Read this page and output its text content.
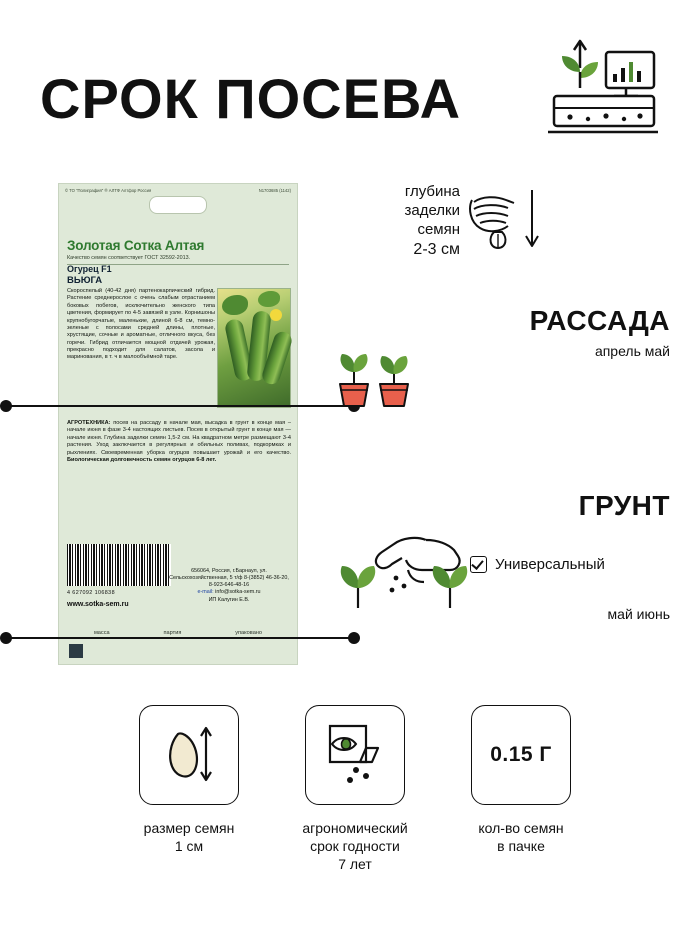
СРОК ПОСЕВА
© ТО "Полиграфия" ® АЛТФ Алтфор Россия	N1703685 (1142)
Золотая Сотка Алтая
Качество семян соответствует ГОСТ 32592-2013.
Огурец F1
ВЬЮГА
Скороспелый (40-42 дня) партенокарпический гибрид. Растение среднерослое с очень слабым отрастанием боковых побегов, исключительно женского типа цветения, формирует по 4-5 завязей в узле. Корнишоны крупнобугорчатые, маленькие, длиной 6-8 см, темно-зеленые с полосами средней длины, плотные, хрустящие, сочные и ароматные, отличного вкуса, без горечи. Гибрид отличается мощной отдачей урожая, прекрасно подходит для салатов, засола и маринования, в т. ч в малообъёмной таре.
АГРОТЕХНИКА: посев на рассаду в начале мая, высадка в грунт в конце мая – начале июня в фазе 3-4 настоящих листьев. Посев в открытый грунт в конце мая — начале июня. Глубина заделки семян 1,5-2 см. На квадратном метре размещают 3-4 растения. Уход заключается в регулярных и обильных поливах, подкормках и рыхлениях. Своевременная уборка огурцов повышает урожай и его качество. Биологическая долговечность семян огурцов 6-8 лет.
4 627092 106838
www.sotka-sem.ru
656064, Россия, г.Барнаул, ул. Сельскохозяйственная, 5 т/ф 8-(3852) 46-36-20, 8-923-646-48-16
e-mail: info@sotka-sem.ru
ИП Калугин Е.В.
масса	партия	упаковано
глубина
заделки
семян
2-3 см
РАССАДА
апрель май
ГРУНТ
Универсальный
май июнь
размер семян
1 см
агрономический
срок годности
7 лет
0.15 Г
кол-во семян
в пачке
